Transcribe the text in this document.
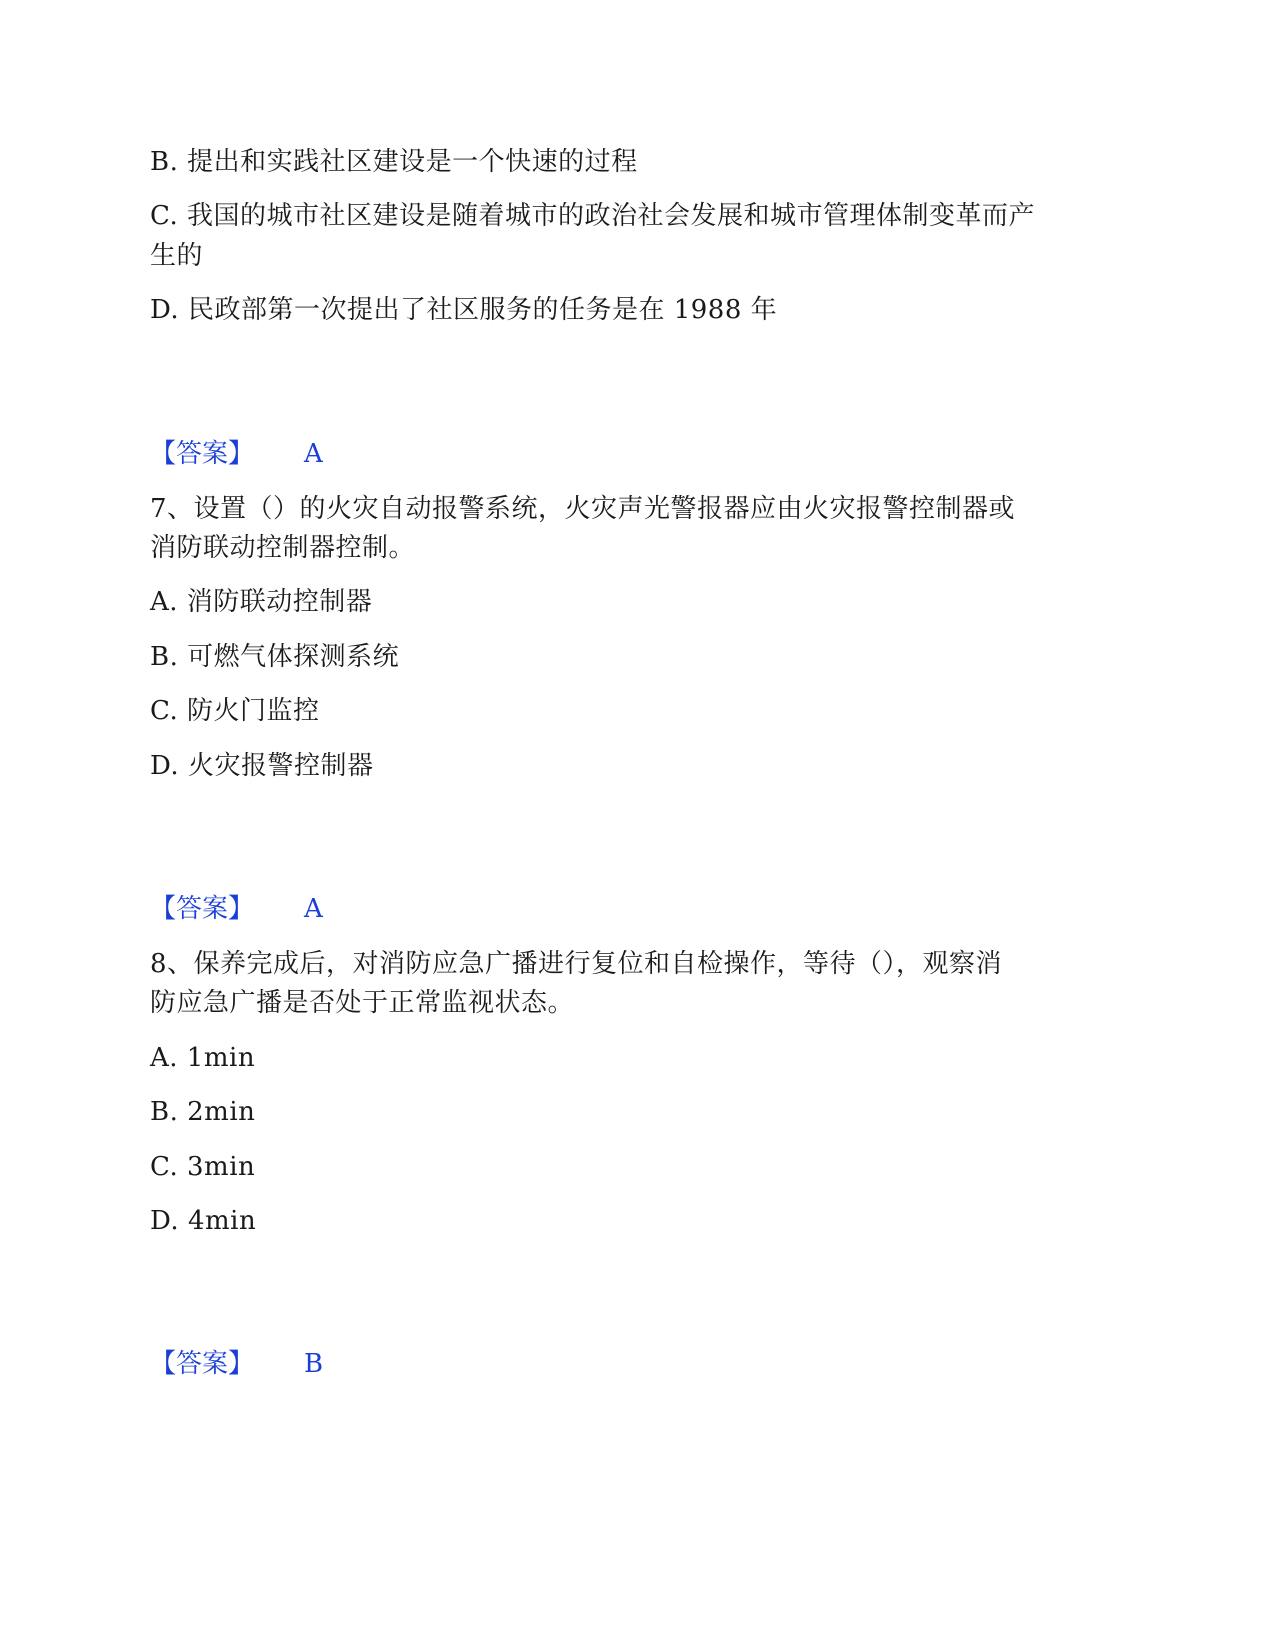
B. 提出和实践社区建设是一个快速的过程
C. 我国的城市社区建设是随着城市的政治社会发展和城市管理体制变革而产
生的
D. 民政部第一次提出了社区服务的任务是在 1988 年
【答案】 A
7、设置（）的火灾自动报警系统，火灾声光警报器应由火灾报警控制器或
消防联动控制器控制。
A. 消防联动控制器
B. 可燃气体探测系统
C. 防火门监控
D. 火灾报警控制器
【答案】 A
8、保养完成后，对消防应急广播进行复位和自检操作，等待（），观察消
防应急广播是否处于正常监视状态。
A. 1min
B. 2min
C. 3min
D. 4min
【答案】 B
